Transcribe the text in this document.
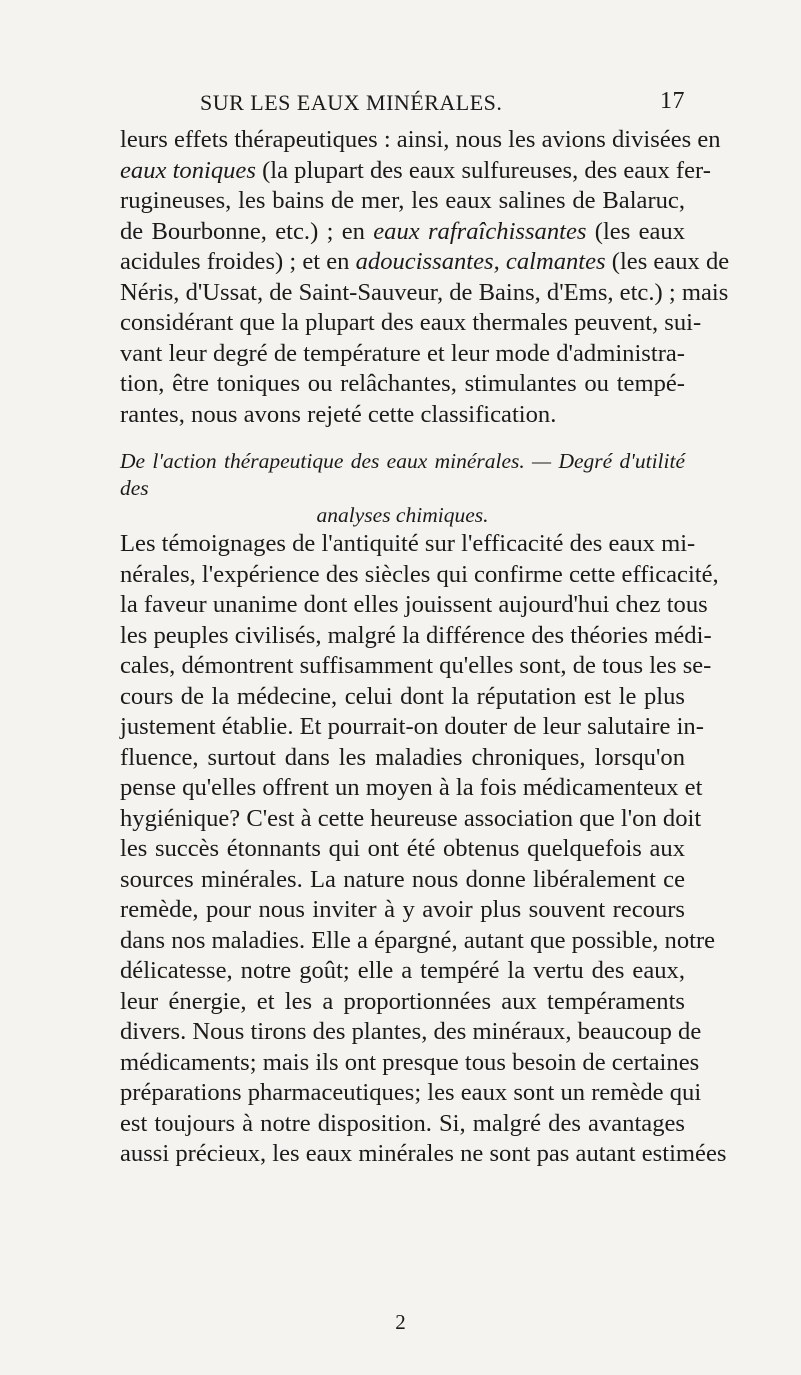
SUR LES EAUX MINÉRALES.	17
leurs effets thérapeutiques : ainsi, nous les avions divisées en
eaux toniques (la plupart des eaux sulfureuses, des eaux fer-
rugineuses, les bains de mer, les eaux salines de Balaruc,
de Bourbonne, etc.) ; en eaux rafraîchissantes (les eaux
acidules froides) ; et en adoucissantes, calmantes (les eaux de
Néris, d'Ussat, de Saint-Sauveur, de Bains, d'Ems, etc.) ; mais
considérant que la plupart des eaux thermales peuvent, sui-
vant leur degré de température et leur mode d'administra-
tion, être toniques ou relâchantes, stimulantes ou tempé-
rantes, nous avons rejeté cette classification.
De l'action thérapeutique des eaux minérales. — Degré d'utilité des
analyses chimiques.
Les témoignages de l'antiquité sur l'efficacité des eaux mi-
nérales, l'expérience des siècles qui confirme cette efficacité,
la faveur unanime dont elles jouissent aujourd'hui chez tous
les peuples civilisés, malgré la différence des théories médi-
cales, démontrent suffisamment qu'elles sont, de tous les se-
cours de la médecine, celui dont la réputation est le plus
justement établie. Et pourrait-on douter de leur salutaire in-
fluence, surtout dans les maladies chroniques, lorsqu'on
pense qu'elles offrent un moyen à la fois médicamenteux et
hygiénique? C'est à cette heureuse association que l'on doit
les succès étonnants qui ont été obtenus quelquefois aux
sources minérales. La nature nous donne libéralement ce
remède, pour nous inviter à y avoir plus souvent recours
dans nos maladies. Elle a épargné, autant que possible, notre
délicatesse, notre goût; elle a tempéré la vertu des eaux,
leur énergie, et les a proportionnées aux tempéraments
divers. Nous tirons des plantes, des minéraux, beaucoup de
médicaments; mais ils ont presque tous besoin de certaines
préparations pharmaceutiques; les eaux sont un remède qui
est toujours à notre disposition. Si, malgré des avantages
aussi précieux, les eaux minérales ne sont pas autant estimées
2
